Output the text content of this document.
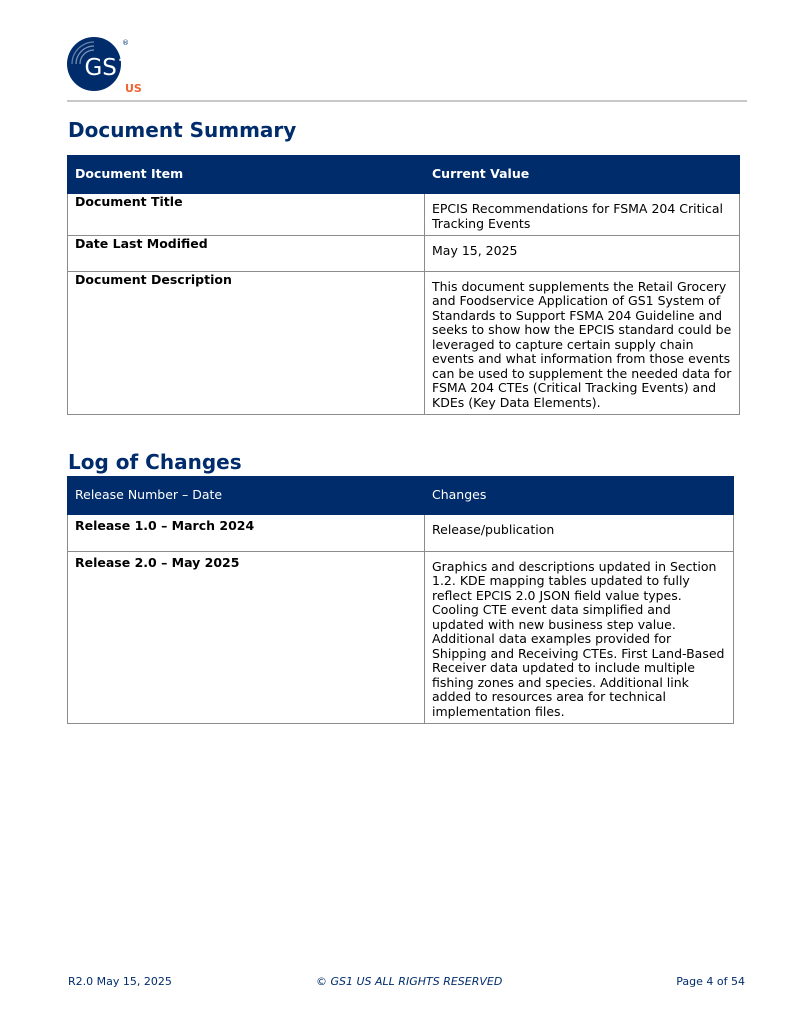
GS1
®
US
Document Summary
Document Item	Current Value

Document Title	EPCIS Recommendations for FSMA 204 Critical Tracking Events

Date Last Modified	May 15, 2025

Document Description	This document supplements the Retail Grocery and Foodservice Application of GS1 System of Standards to Support FSMA 204 Guideline and seeks to show how the EPCIS standard could be leveraged to capture certain supply chain events and what information from those events can be used to supplement the needed data for FSMA 204 CTEs (Critical Tracking Events) and KDEs (Key Data Elements).
Log of Changes
Release Number – Date	Changes

Release 1.0 – March 2024	Release/publication

Release 2.0 – May 2025	Graphics and descriptions updated in Section 1.2. KDE mapping tables updated to fully reflect EPCIS 2.0 JSON field value types. Cooling CTE event data simplified and updated with new business step value. Additional data examples provided for Shipping and Receiving CTEs. First Land-Based Receiver data updated to include multiple fishing zones and species. Additional link added to resources area for technical implementation files.
R2.0 May 15, 2025	© GS1 US ALL RIGHTS RESERVED	Page 4 of 54
